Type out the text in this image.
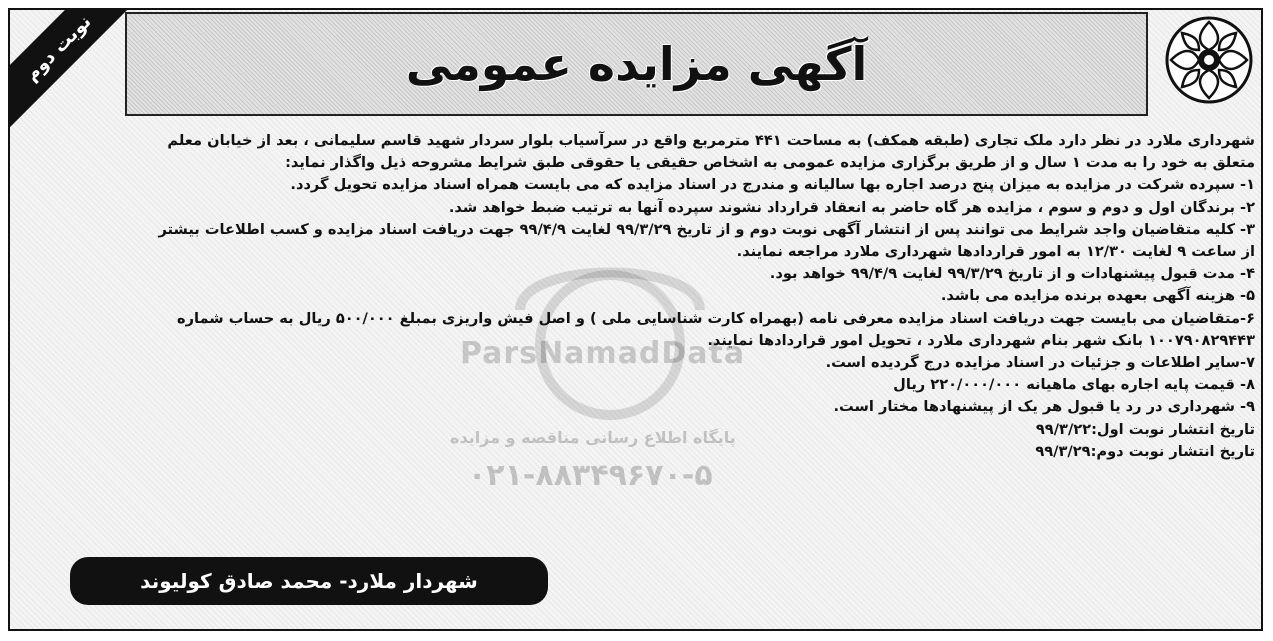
نوبت دوم	آگهی مزایده عمومی
ParsNamadData
پایگاه اطلاع رسانی مناقصه و مزایده
۰۲۱-۸۸۳۴۹۶۷۰-۵

شهرداری ملارد در نظر دارد ملک تجاری (طبقه همکف) به مساحت ۴۴۱ مترمربع واقع در سرآسیاب بلوار سردار شهید قاسم سلیمانی ، بعد از خیابان معلم

متعلق به خود را به مدت ۱ سال و از طریق برگزاری مزایده عمومی به اشخاص حقیقی یا حقوقی طبق شرایط مشروحه ذیل واگذار نماید:

۱- سپرده شرکت در مزایده به میزان پنج درصد اجاره بها سالیانه و مندرج در اسناد مزایده که می بایست همراه اسناد مزایده تحویل گردد.

۲- برندگان اول و دوم و سوم ، مزایده هر گاه حاضر به انعقاد قرارداد نشوند سپرده آنها به ترتیب ضبط خواهد شد.

۳- کلیه متقاضیان واجد شرایط می توانند پس از انتشار آگهی نوبت دوم و از تاریخ ۹۹/۳/۲۹ لغایت ۹۹/۴/۹ جهت دریافت اسناد مزایده و کسب اطلاعات بیشتر

از ساعت ۹ لغایت ۱۲/۳۰ به امور قراردادها شهرداری ملارد مراجعه نمایند.

۴- مدت قبول پیشنهادات و از تاریخ ۹۹/۳/۲۹ لغایت ۹۹/۴/۹ خواهد بود.

۵- هزینه آگهی بعهده برنده مزایده می باشد.

۶-متقاضیان می بایست جهت دریافت اسناد مزایده معرفی نامه (بهمراه کارت شناسایی ملی ) و اصل فیش واریزی بمبلغ ۵۰۰/۰۰۰ ریال به حساب شماره

۱۰۰۷۹۰۸۲۹۴۴۳ بانک شهر بنام شهرداری ملارد ، تحویل امور قراردادها نمایند.

۷-سایر اطلاعات و جزئیات در اسناد مزایده درج گردیده است.

۸- قیمت پایه اجاره بهای ماهیانه ۲۲۰/۰۰۰/۰۰۰ ریال

۹- شهرداری در رد یا قبول هر یک از پیشنهادها مختار است.

تاریخ انتشار نوبت اول:۹۹/۳/۲۲

تاریخ انتشار نوبت دوم:۹۹/۳/۲۹

شهردار ملارد- محمد صادق کولیوند
